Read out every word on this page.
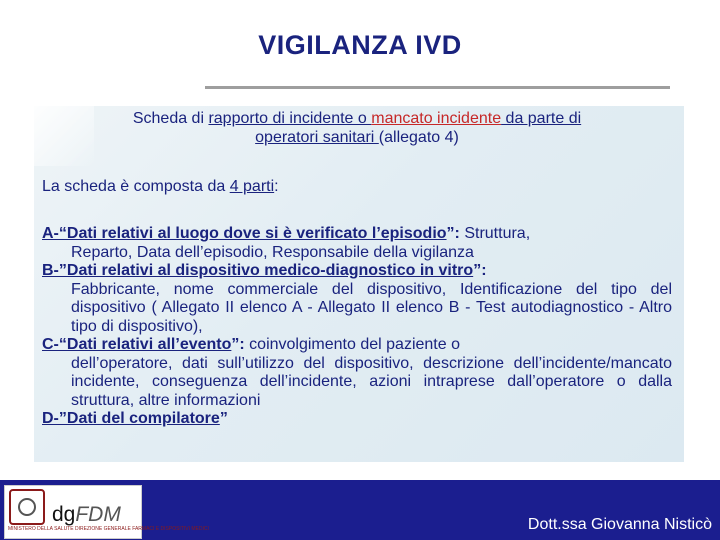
VIGILANZA IVD
Scheda di rapporto di incidente o mancato incidente da parte di
operatori sanitari (allegato 4)
La scheda è composta da 4 parti:

A-“Dati relativi al luogo dove si è verificato l’episodio”: Struttura,
Reparto, Data dell’episodio, Responsabile della vigilanza

B-”Dati relativi al dispositivo medico-diagnostico in vitro”:
Fabbricante, nome commerciale del dispositivo, Identificazione del tipo del dispositivo ( Allegato II elenco A - Allegato II elenco B - Test autodiagnostico - Altro tipo di dispositivo),

C-“Dati relativi all’evento”: coinvolgimento del paziente o
dell’operatore, dati sull’utilizzo del dispositivo, descrizione dell’incidente/mancato incidente, conseguenza dell’incidente, azioni intraprese dall’operatore o dalla struttura, altre informazioni

D-”Dati del compilatore”

dgFDM
MINISTERO DELLA SALUTE DIREZIONE GENERALE FARMACI E DISPOSITIVI MEDICI	Dott.ssa Giovanna Nisticò
